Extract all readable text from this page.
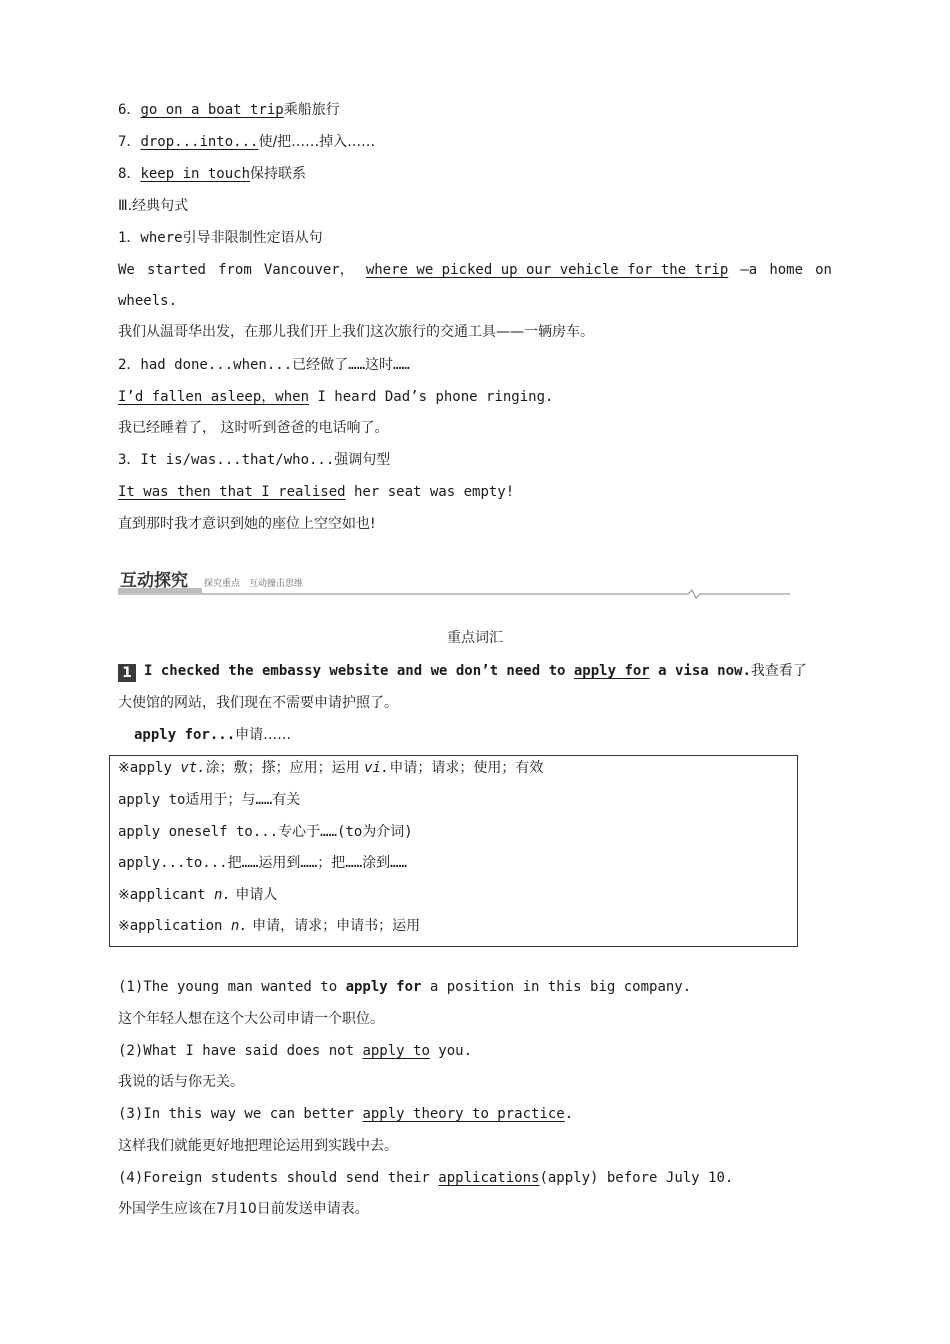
6．go on a boat trip乘船旅行
7．drop...into...使/把……掉入……
8．keep in touch保持联系
Ⅲ.经典句式
1．where引导非限制性定语从句
We started from Vancouver， where we picked up our vehicle for the trip —a home on
wheels.
我们从温哥华出发，在那儿我们开上我们这次旅行的交通工具——一辆房车。
2．had done...when...已经做了……这时……
I’d fallen asleep，when I heard Dad’s phone ringing.
我已经睡着了， 这时听到爸爸的电话响了。
3．It is/was...that/who...强调句型
It was then that I realised her seat was empty!
直到那时我才意识到她的座位上空空如也!
互动探究 探究重点　互动撞击思维
重点词汇
1 I checked the embassy website and we don’t need to apply for a visa now.我查看了
大使馆的网站，我们现在不需要申请护照了。
apply for...申请……
※apply vt.涂；敷；搽；应用；运用 vi.申请；请求；使用；有效
apply to适用于；与……有关
apply oneself to...专心于……(to为介词)
apply...to...把……运用到……；把……涂到……
※applicant n. 申请人
※application n. 申请，请求；申请书；运用
(1)The young man wanted to apply for a position in this big company.
这个年轻人想在这个大公司申请一个职位。
(2)What I have said does not apply to you.
我说的话与你无关。
(3)In this way we can better apply theory to practice.
这样我们就能更好地把理论运用到实践中去。
(4)Foreign students should send their applications(apply) before July 10.
外国学生应该在7月10日前发送申请表。
